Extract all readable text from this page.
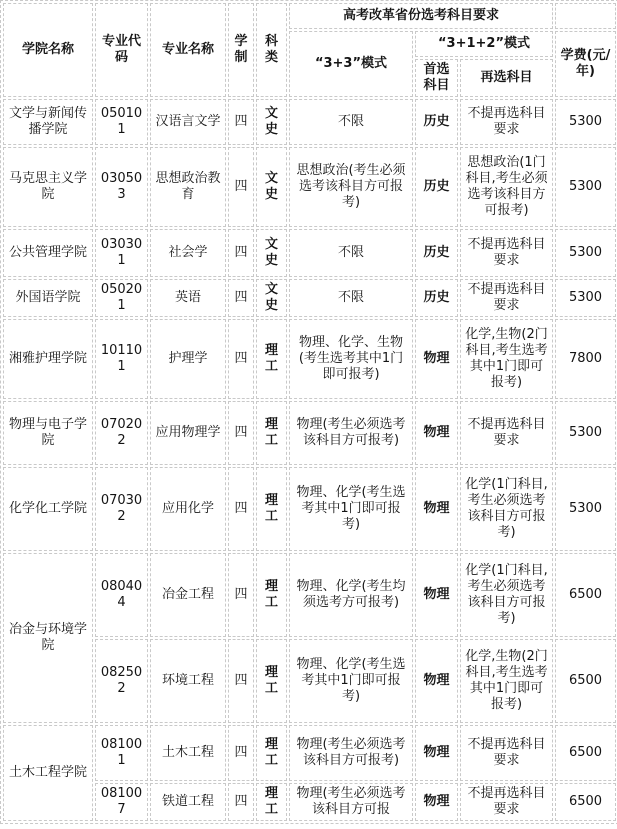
学院名称	专业代码	专业名称	学制	科类	高考改革省份选考科目要求			
					“3+3”模式	“3+1+2”模式		学费(元/年)
						首选科目	再选科目	
文学与新闻传播学院	050101	汉语言文学	四	文史	不限	历史	不提再选科目要求	5300
马克思主义学院	030503	思想政治教育	四	文史	思想政治(考生必须选考该科目方可报考)	历史	思想政治(1门科目,考生必须选考该科目方可报考)	5300
公共管理学院	030301	社会学	四	文史	不限	历史	不提再选科目要求	5300
外国语学院	050201	英语	四	文史	不限	历史	不提再选科目要求	5300
湘雅护理学院	101101	护理学	四	理工	物理、化学、生物(考生选考其中1门即可报考)	物理	化学,生物(2门科目,考生选考其中1门即可报考)	7800
物理与电子学院	070202	应用物理学	四	理工	物理(考生必须选考该科目方可报考)	物理	不提再选科目要求	5300
化学化工学院	070302	应用化学	四	理工	物理、化学(考生选考其中1门即可报考)	物理	化学(1门科目,考生必须选考该科目方可报考)	5300
冶金与环境学院	080404	冶金工程	四	理工	物理、化学(考生均须选考方可报考)	物理	化学(1门科目,考生必须选考该科目方可报考)	6500
	082502	环境工程	四	理工	物理、化学(考生选考其中1门即可报考)	物理	化学,生物(2门科目,考生选考其中1门即可报考)	6500
土木工程学院	081001	土木工程	四	理工	物理(考生必须选考该科目方可报考)	物理	不提再选科目要求	6500
	081007	铁道工程	四	理工	物理(考生必须选考该科目方可报	物理	不提再选科目要求	6500
